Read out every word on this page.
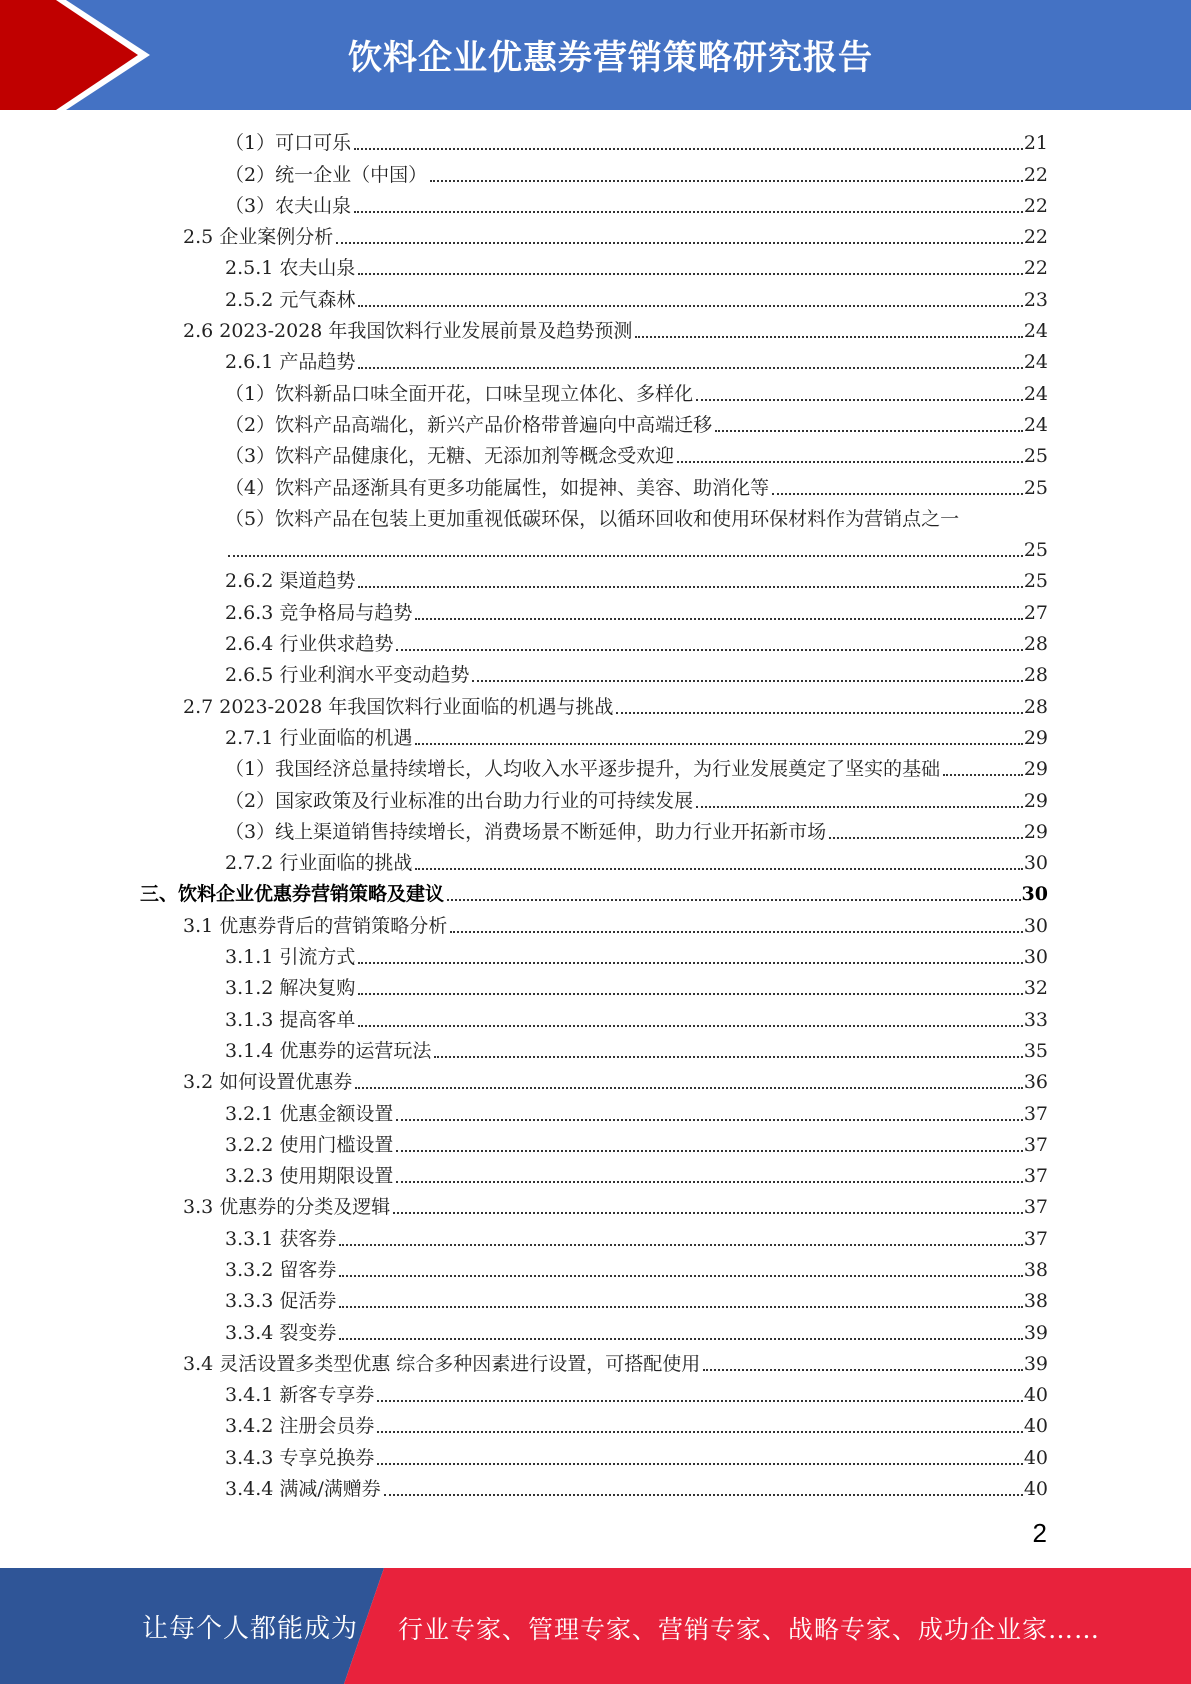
饮料企业优惠券营销策略研究报告
（1）可口可乐	21
（2）统一企业（中国）	22
（3）农夫山泉	22
2.5 企业案例分析	22
2.5.1 农夫山泉	22
2.5.2 元气森林	23
2.6 2023-2028 年我国饮料行业发展前景及趋势预测	24
2.6.1 产品趋势	24
（1）饮料新品口味全面开花，口味呈现立体化、多样化	24
（2）饮料产品高端化，新兴产品价格带普遍向中高端迁移	24
（3）饮料产品健康化，无糖、无添加剂等概念受欢迎	25
（4）饮料产品逐渐具有更多功能属性，如提神、美容、助消化等	25
（5）饮料产品在包装上更加重视低碳环保，以循环回收和使用环保材料作为营销点之一
25
2.6.2 渠道趋势	25
2.6.3 竞争格局与趋势	27
2.6.4 行业供求趋势	28
2.6.5 行业利润水平变动趋势	28
2.7 2023-2028 年我国饮料行业面临的机遇与挑战	28
2.7.1 行业面临的机遇	29
（1）我国经济总量持续增长，人均收入水平逐步提升，为行业发展奠定了坚实的基础	29
（2）国家政策及行业标准的出台助力行业的可持续发展	29
（3）线上渠道销售持续增长，消费场景不断延伸，助力行业开拓新市场	29
2.7.2 行业面临的挑战	30
三、饮料企业优惠券营销策略及建议	30
3.1 优惠券背后的营销策略分析	30
3.1.1 引流方式	30
3.1.2 解决复购	32
3.1.3 提高客单	33
3.1.4 优惠券的运营玩法	35
3.2 如何设置优惠券	36
3.2.1 优惠金额设置	37
3.2.2 使用门槛设置	37
3.2.3 使用期限设置	37
3.3 优惠券的分类及逻辑	37
3.3.1 获客券	37
3.3.2 留客券	38
3.3.3 促活券	38
3.3.4 裂变券	39
3.4 灵活设置多类型优惠 综合多种因素进行设置，可搭配使用	39
3.4.1 新客专享券	40
3.4.2 注册会员券	40
3.4.3 专享兑换券	40
3.4.4 满减/满赠券	40
2
让每个人都能成为 行业专家、管理专家、营销专家、战略专家、成功企业家……
